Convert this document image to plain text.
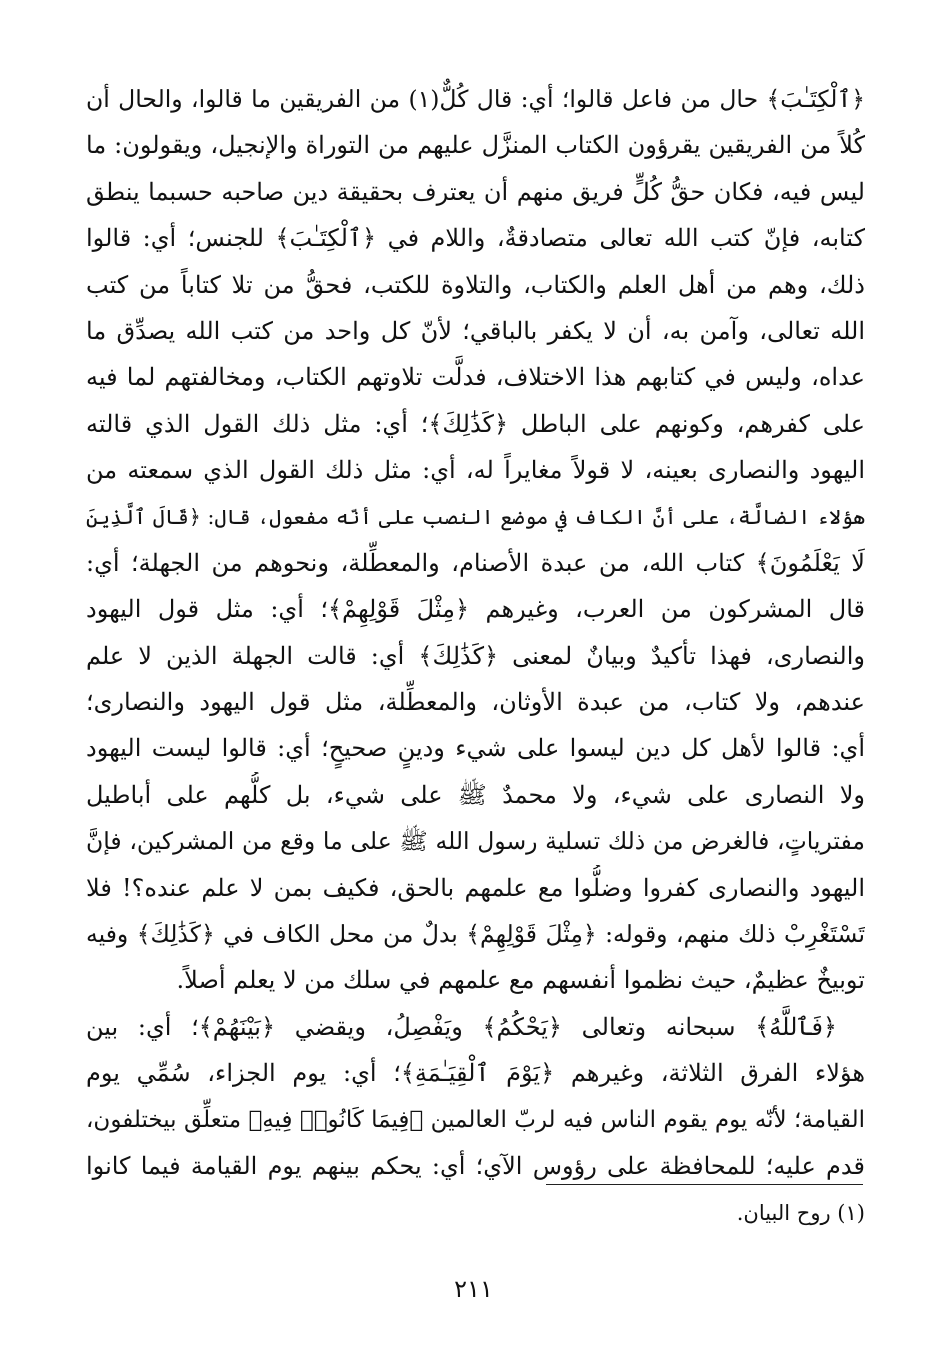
﴿ٱلْكِتَـٰبَ﴾ حال من فاعل قالوا؛ أي: قال كُلٌّ(١) من الفريقين ما قالوا، والحال أن
كُلاً من الفريقين يقرؤون الكتاب المنزَّل عليهم من التوراة والإنجيل، ويقولون: ما
ليس فيه، فكان حقُّ كُلٍّ فريق منهم أن يعترف بحقيقة دين صاحبه حسبما ينطق
كتابه، فإنّ كتب الله تعالى متصادقةٌ، واللام في ﴿ٱلْكِتَـٰبَ﴾ للجنس؛ أي: قالوا
ذلك، وهم من أهل العلم والكتاب، والتلاوة للكتب، فحقُّ من تلا كتاباً من كتب
الله تعالى، وآمن به، أن لا يكفر بالباقي؛ لأنّ كل واحد من كتب الله يصدِّق ما
عداه، وليس في كتابهم هذا الاختلاف، فدلَّت تلاوتهم الكتاب، ومخالفتهم لما فيه
على كفرهم، وكونهم على الباطل ﴿كَذَٰلِكَ﴾؛ أي: مثل ذلك القول الذي قالته
اليهود والنصارى بعينه، لا قولاً مغايراً له، أي: مثل ذلك القول الذي سمعته من
هؤلاء الضالَّة، على أنَّ الكاف في موضع النصب على أنّه مفعول، قال: ﴿قَالَ ٱلَّذِينَ
لَا يَعْلَمُونَ﴾ كتاب الله، من عبدة الأصنام، والمعطِّلة، ونحوهم من الجهلة؛ أي:
قال المشركون من العرب، وغيرهم ﴿مِثْلَ قَوْلِهِمْ﴾؛ أي: مثل قول اليهود
والنصارى، فهذا تأكيدٌ وبيانٌ لمعنى ﴿كَذَٰلِكَ﴾ أي: قالت الجهلة الذين لا علم
عندهم، ولا كتاب، من عبدة الأوثان، والمعطِّلة، مثل قول اليهود والنصارى؛
أي: قالوا لأهل كل دين ليسوا على شيء ودينٍ صحيحٍ؛ أي: قالوا ليست اليهود
ولا النصارى على شيء، ولا محمدٌ ﷺ على شيء، بل كلُّهم على أباطيل
مفترياتٍ، فالغرض من ذلك تسلية رسول الله ﷺ على ما وقع من المشركين، فإنَّ
اليهود والنصارى كفروا وضلُّوا مع علمهم بالحق، فكيف بمن لا علم عنده؟! فلا
تَسْتَغْرِبْ ذلك منهم، وقوله: ﴿مِثْلَ قَوْلِهِمْ﴾ بدلٌ من محل الكاف في ﴿كَذَٰلِكَ﴾ وفيه
توبيخٌ عظيمٌ، حيث نظموا أنفسهم مع علمهم في سلك من لا يعلم أصلاً.
﴿فَٱللَّهُ﴾ سبحانه وتعالى ﴿يَحْكُمُ﴾ ويَفْصِلُ، ويقضي ﴿بَيْنَهُمْ﴾؛ أي: بين
هؤلاء الفرق الثلاثة، وغيرهم ﴿يَوْمَ ٱلْقِيَـٰمَةِ﴾؛ أي: يوم الجزاء، سُمِّي يوم
القيامة؛ لأنّه يوم يقوم الناس فيه لربّ العالمين ﴿فِيمَا كَانُوا۟ فِيهِ﴾ متعلِّق بيختلفون،
قدم عليه؛ للمحافظة على رؤوس الآي؛ أي: يحكم بينهم يوم القيامة فيما كانوا
(١) روح البيان.
٢١١
